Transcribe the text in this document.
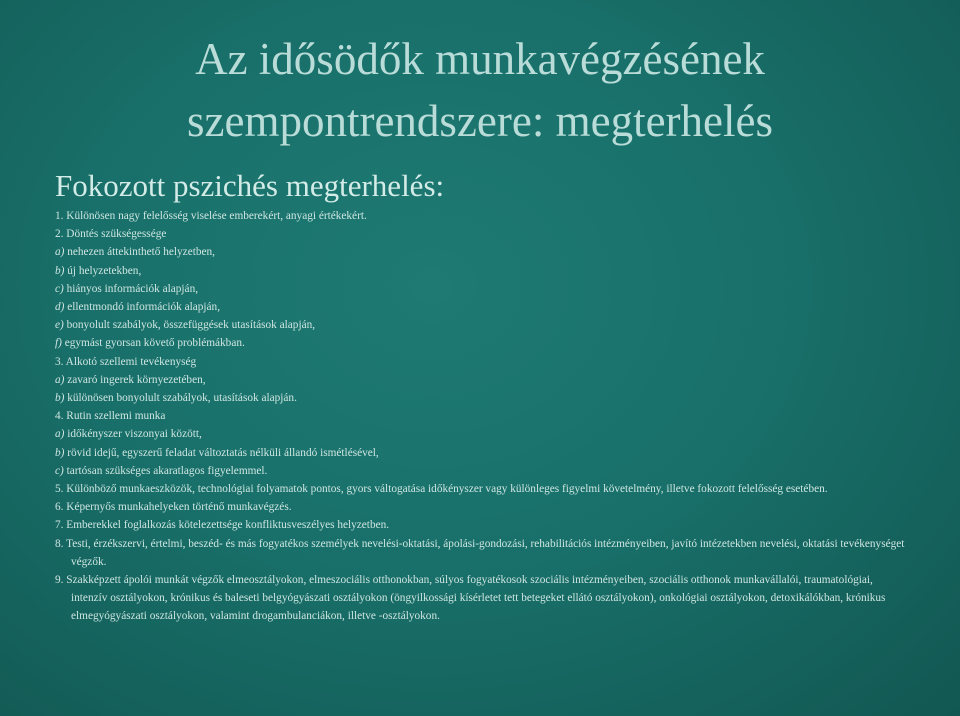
Az idősödők munkavégzésének
szempontrendszere: megterhelés
Fokozott pszichés megterhelés:

1. Különösen nagy felelősség viselése emberekért, anyagi értékekért.

2. Döntés szükségessége

a) nehezen áttekinthető helyzetben,

b) új helyzetekben,

c) hiányos információk alapján,

d) ellentmondó információk alapján,

e) bonyolult szabályok, összefüggések utasítások alapján,

f) egymást gyorsan követő problémákban.

3. Alkotó szellemi tevékenység

a) zavaró ingerek környezetében,

b) különösen bonyolult szabályok, utasítások alapján.

4. Rutin szellemi munka

a) időkényszer viszonyai között,

b) rövid idejű, egyszerű feladat változtatás nélküli állandó ismétlésével,

c) tartósan szükséges akaratlagos figyelemmel.

5. Különböző munkaeszközök, technológiai folyamatok pontos, gyors váltogatása időkényszer vagy különleges figyelmi követelmény, illetve fokozott felelősség esetében.

6. Képernyős munkahelyeken történő munkavégzés.

7. Emberekkel foglalkozás kötelezettsége konfliktusveszélyes helyzetben.

8. Testi, érzékszervi, értelmi, beszéd- és más fogyatékos személyek nevelési-oktatási, ápolási-gondozási, rehabilitációs intézményeiben, javító intézetekben nevelési, oktatási tevékenységet végzők.

9. Szakképzett ápolói munkát végzők elmeosztályokon, elmeszociális otthonokban, súlyos fogyatékosok szociális intézményeiben, szociális otthonok munkavállalói, traumatológiai, intenzív osztályokon, krónikus és baleseti belgyógyászati osztályokon (öngyilkossági kísérletet tett betegeket ellátó osztályokon), onkológiai osztályokon, detoxikálókban, krónikus elmegyógyászati osztályokon, valamint drogambulanciákon, illetve -osztályokon.
